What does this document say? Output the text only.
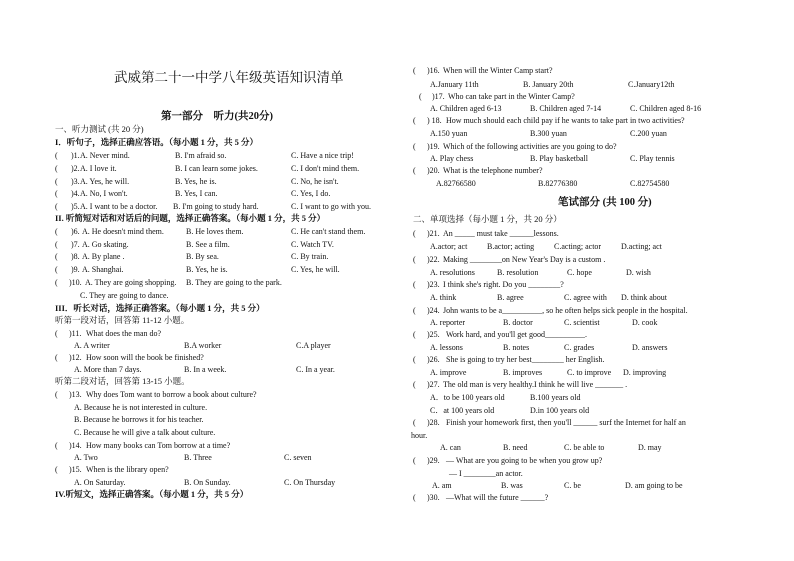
武威第二十一中学八年级英语知识清单
第一部分　听力(共20分)
一、听力测试 (共 20 分)
I．听句子，选择正确应答语。（每小题 1 分，共 5 分）
( )1. A. Never mind.	B. I'm afraid so.	C. Have a nice trip!
( )2. A. I love it.	B. I can learn some jokes.	C. I don't mind them.
( )3. A. Yes, he will.	B. Yes, he is.	C. No, he isn't.
( )4. A. No, I won't.	B. Yes, I can.	C. Yes, I do.
( )5. A. I want to be a doctor. B. I'm going to study hard.	C. I want to go with you.
II. 听简短对话和对话后的问题，选择正确答案。（每小题 1 分，共 5 分）
( )6. A. He doesn't mind them.	B. He loves them.	C. He can't stand them.
( )7. A. Go skating.	B. See a film.	C. Watch TV.
( )8. A. By plane .	B. By sea.	C. By train.
( )9. A. Shanghai.	B. Yes, he is.	C. Yes, he will.
( )10. A. They are going shopping. B. They are going to the park.
C. They are going to dance.
III．听长对话，选择正确答案。（每小题 1 分，共 5 分）
听第一段对话，回答第 11-12 小题。
( )11. What does the man do?
A. A writer	B.A worker	C.A player
( )12. How soon will the book be finished?
A. More than 7 days.	B. In a week.	C. In a year.
听第二段对话，回答第 13-15 小题。
( )13. Why does Tom want to borrow a book about culture?
A. Because he is not interested in culture.
B. Because he borrows it for his teacher.
C. Because he will give a talk about culture.
( )14. How many books can Tom borrow at a time?
A. Two	B. Three	C. seven
( )15. When is the library open?
A. On Saturday.	B. On Sunday.	C. On Thursday
IV.听短文，选择正确答案。（每小题 1 分，共 5 分）
( )16. When will the Winter Camp start?
A.January 11th	B. January 20th	C.January12th
( )17. Who can take part in the Winter Camp?
A. Children aged 6-13	B. Children aged 7-14	C. Children aged 8-16
( ) 18. How much should each child pay if he wants to take part in two activities?
A.150 yuan	B.300 yuan	C.200 yuan
( )19. Which of the following activities are you going to do?
A. Play chess	B. Play basketball	C. Play tennis
( )20. What is the telephone number?
A.82766580	B.82776380	C.82754580
笔试部分 (共 100 分)
二、单项选择（每小题 1 分，共 20 分）
( )21. An _____ must take ______lessons.
A.actor; act B.actor; acting C.acting; actor D.acting; act
( )22. Making ________on New Year's Day is a custom .
A. resolutions	B. resolution	C. hope	D. wish
( )23. I think she's right. Do you ________?
A. think	B. agree	C. agree with D. think about
( )24. John wants to be a__________, so he often helps sick people in the hospital.
A. reporter	B. doctor	C. scientist	D. cook
( )25. Work hard, and you'll get good__________.
A. lessons	B. notes	C. grades	D. answers
( )26. She is going to try her best________ her English.
A. improve	B. improves	C. to improve D. improving
( )27. The old man is very healthy.I think he will live _______ .
A．to be 100 years old	B.100 years old
C．at 100 years old	D.in 100 years old
( )28. Finish your homework first, then you'll ______ surf the Internet for half an
hour.
A. can	B. need	C. be able to	D. may
( )29. — What are you going to be when you grow up?
— I ________an actor.
A. am	B. was	C. be	D. am going to be
( )30. —What will the future ______?
